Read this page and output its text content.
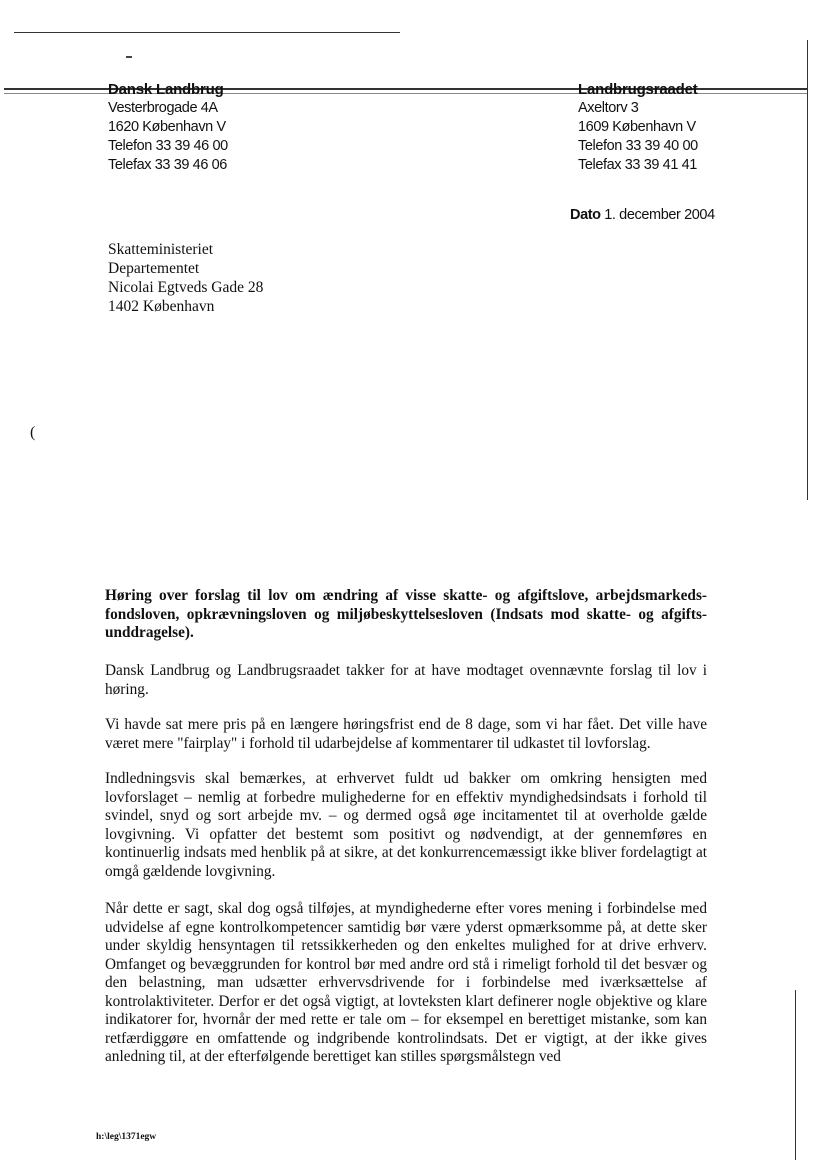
Dansk Landbrug
Vesterbrogade 4A
1620 København V
Telefon 33 39 46 00
Telefax 33 39 46 06
Landbrugsraadet
Axeltorv 3
1609 København V
Telefon 33 39 40 00
Telefax 33 39 41 41
Dato 1. december 2004
Skatteministeriet
Departementet
Nicolai Egtveds Gade 28
1402 København
(
Høring over forslag til lov om ændring af visse skatte- og afgiftslove, arbejdsmarkeds-fondsloven, opkrævningsloven og miljøbeskyttelsesloven (Indsats mod skatte- og afgifts-unddragelse).
Dansk Landbrug og Landbrugsraadet takker for at have modtaget ovennævnte forslag til lov i høring.
Vi havde sat mere pris på en længere høringsfrist end de 8 dage, som vi har fået. Det ville have været mere "fairplay" i forhold til udarbejdelse af kommentarer til udkastet til lovforslag.
Indledningsvis skal bemærkes, at erhvervet fuldt ud bakker om omkring hensigten med lovforslaget – nemlig at forbedre mulighederne for en effektiv myndighedsindsats i forhold til svindel, snyd og sort arbejde mv. – og dermed også øge incitamentet til at overholde gælde lovgivning. Vi opfatter det bestemt som positivt og nødvendigt, at der gennemføres en kontinuerlig indsats med henblik på at sikre, at det konkurrencemæssigt ikke bliver fordelagtigt at omgå gældende lovgivning.
Når dette er sagt, skal dog også tilføjes, at myndighederne efter vores mening i forbindelse med udvidelse af egne kontrolkompetencer samtidig bør være yderst opmærksomme på, at dette sker under skyldig hensyntagen til retssikkerheden og den enkeltes mulighed for at drive erhverv. Omfanget og bevæggrunden for kontrol bør med andre ord stå i rimeligt forhold til det besvær og den belastning, man udsætter erhvervsdrivende for i forbindelse med iværksættelse af kontrolaktiviteter. Derfor er det også vigtigt, at lovteksten klart definerer nogle objektive og klare indikatorer for, hvornår der med rette er tale om – for eksempel en berettiget mistanke, som kan retfærdiggøre en omfattende og indgribende kontrolindsats. Det er vigtigt, at der ikke gives anledning til, at der efterfølgende berettiget kan stilles spørgsmålstegn ved
h:\leg\1371egw
